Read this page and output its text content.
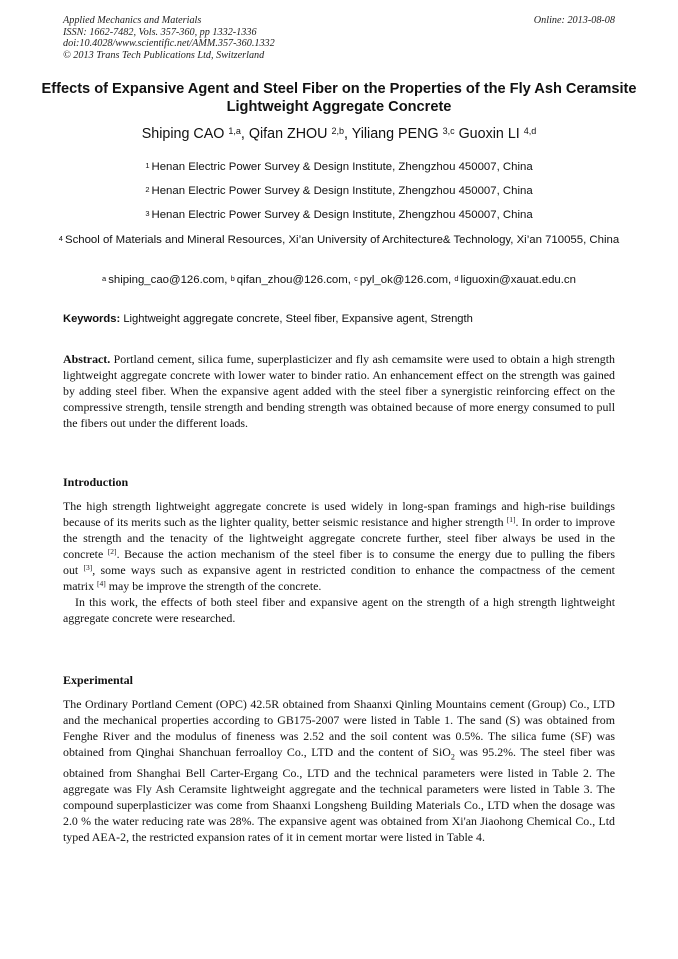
Applied Mechanics and Materials
ISSN: 1662-7482, Vols. 357-360, pp 1332-1336
doi:10.4028/www.scientific.net/AMM.357-360.1332
© 2013 Trans Tech Publications Ltd, Switzerland
Online: 2013-08-08
Effects of Expansive Agent and Steel Fiber on the Properties of the Fly Ash Ceramsite Lightweight Aggregate Concrete
Shiping CAO $^{1,a}$, Qifan ZHOU $^{2,b}$, Yiliang PENG $^{3,c}$ Guoxin LI $^{4,d}$
$^1$ Henan Electric Power Survey & Design Institute, Zhengzhou 450007, China
$^2$ Henan Electric Power Survey & Design Institute, Zhengzhou 450007, China
$^3$ Henan Electric Power Survey & Design Institute, Zhengzhou 450007, China
$^4$ School of Materials and Mineral Resources, Xi’an University of Architecture& Technology, Xi’an 710055, China
$^a$ shiping_cao@126.com, $^b$ qifan_zhou@126.com, $^c$ pyl_ok@126.com, $^d$ liguoxin@xauat.edu.cn
Keywords: Lightweight aggregate concrete, Steel fiber, Expansive agent, Strength

Abstract. Portland cement, silica fume, superplasticizer and fly ash cemamsite were used to obtain a high strength lightweight aggregate concrete with lower water to binder ratio. An enhancement effect on the strength was gained by adding steel fiber. When the expansive agent added with the steel fiber a synergistic reinforcing effect on the compressive strength, tensile strength and bending strength was obtained because of more energy consumed to pull the fibers out under the different loads.

Introduction

The high strength lightweight aggregate concrete is used widely in long-span framings and high-rise buildings because of its merits such as the lighter quality, better seismic resistance and higher strength [1]. In order to improve the strength and the tenacity of the lightweight aggregate concrete further, steel fiber always be used in the concrete [2]. Because the action mechanism of the steel fiber is to consume the energy due to pulling the fibers out [3], some ways such as expansive agent in restricted condition to enhance the compactness of the cement matrix [4] may be improve the strength of the concrete.

In this work, the effects of both steel fiber and expansive agent on the strength of a high strength lightweight aggregate concrete were researched.

Experimental

The Ordinary Portland Cement (OPC) 42.5R obtained from Shaanxi Qinling Mountains cement (Group) Co., LTD and the mechanical properties according to GB175-2007 were listed in Table 1. The sand (S) was obtained from Fenghe River and the modulus of fineness was 2.52 and the soil content was 0.5%. The silica fume (SF) was obtained from Qinghai Shanchuan ferroalloy Co., LTD and the content of SiO$_2$ was 95.2%. The steel fiber was obtained from Shanghai Bell Carter-Ergang Co., LTD and the technical parameters were listed in Table 2. The aggregate was Fly Ash Ceramsite lightweight aggregate and the technical parameters were listed in Table 3. The compound superplasticizer was come from Shaanxi Longsheng Building Materials Co., LTD when the dosage was 2.0 % the water reducing rate was 28%. The expansive agent was obtained from Xi'an Jiaohong Chemical Co., Ltd typed AEA-2, the restricted expansion rates of it in cement mortar were listed in Table 4.
